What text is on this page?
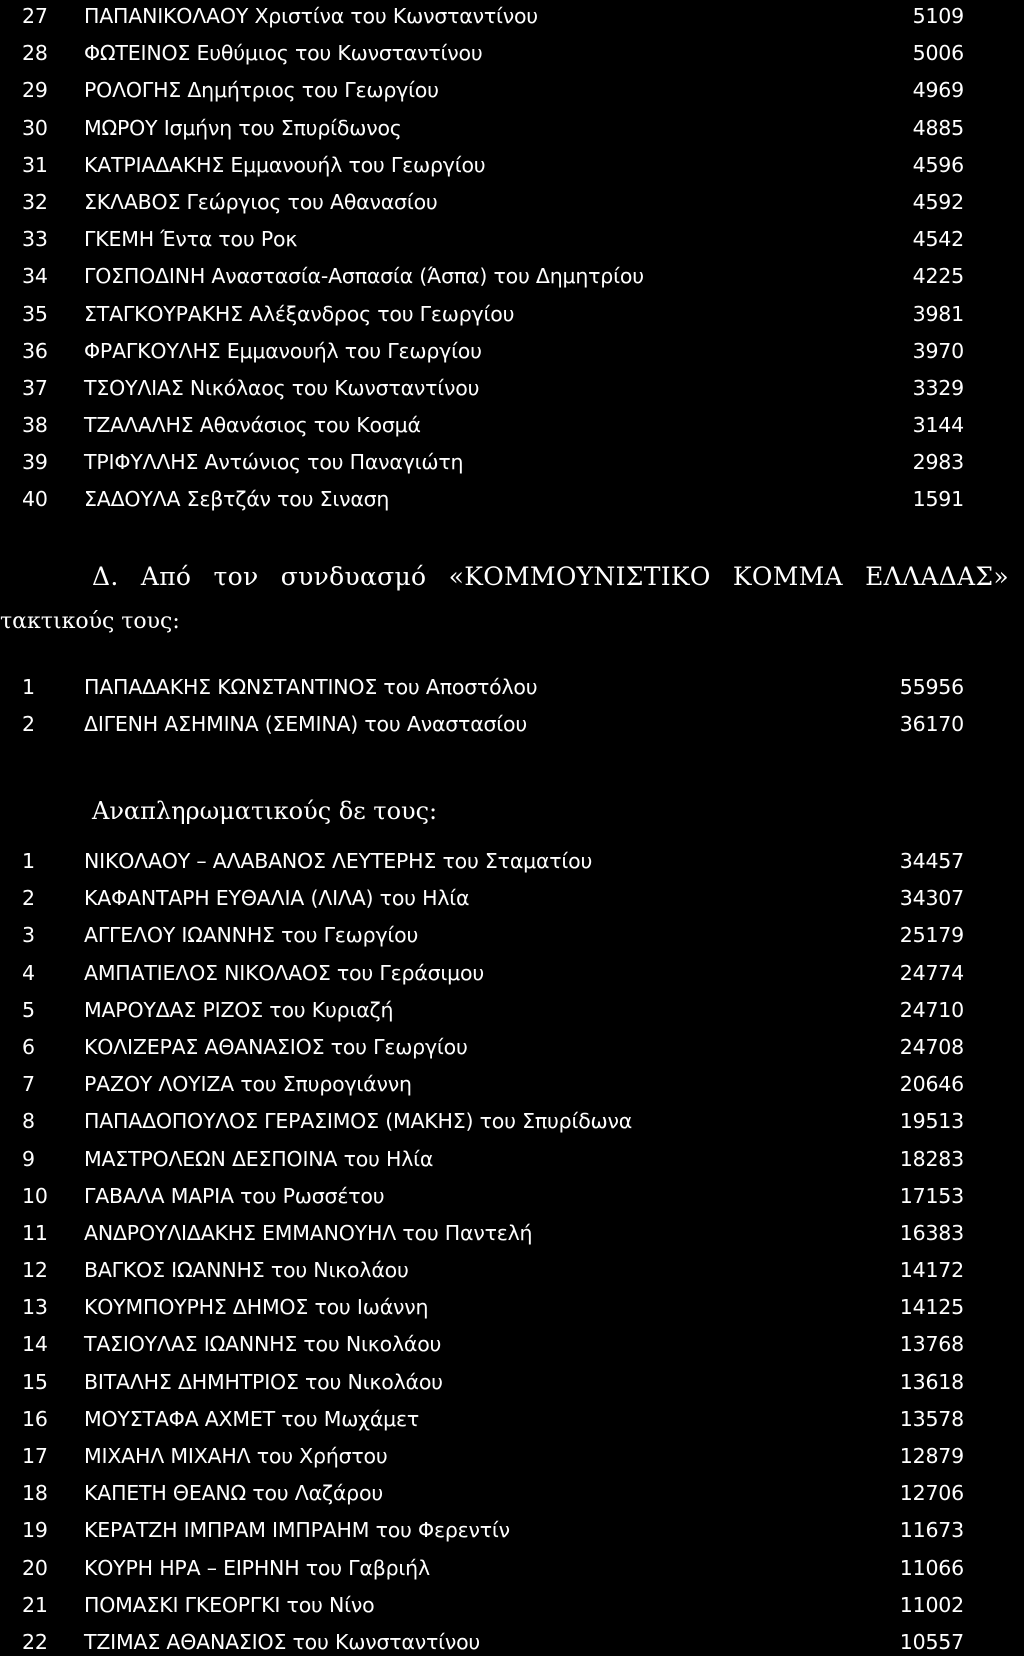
27 ΠΑΠΑΝΙΚΟΛΑΟΥ Χριστίνα του Κωνσταντίνου	5109
28 ΦΩΤΕΙΝΟΣ Ευθύμιος του Κωνσταντίνου	5006
29 ΡΟΛΟΓΗΣ Δημήτριος του Γεωργίου	4969
30 ΜΩΡΟΥ Ισμήνη του Σπυρίδωνος	4885
31 ΚΑΤΡΙΑΔΑΚΗΣ Εμμανουήλ του Γεωργίου	4596
32 ΣΚΛΑΒΟΣ Γεώργιος του Αθανασίου	4592
33 ΓΚΕΜΗ Έντα του Ροκ	4542
34 ΓΟΣΠΟΔΙΝΗ Αναστασία-Ασπασία (Άσπα) του Δημητρίου	4225
35 ΣΤΑΓΚΟΥΡΑΚΗΣ Αλέξανδρος του Γεωργίου	3981
36 ΦΡΑΓΚΟΥΛΗΣ Εμμανουήλ του Γεωργίου	3970
37 ΤΣΟΥΛΙΑΣ Νικόλαος του Κωνσταντίνου	3329
38 ΤΖΑΛΑΛΗΣ Αθανάσιος του Κοσμά	3144
39 ΤΡΙΦΥΛΛΗΣ Αντώνιος του Παναγιώτη	2983
40 ΣΑΔΟΥΛΑ Σεβτζάν του Σιναση	1591
Δ. Από τον συνδυασμό «ΚΟΜΜΟΥΝΙΣΤΙΚΟ ΚΟΜΜΑ ΕΛΛΑΔΑΣ»
τακτικούς τους:
1 ΠΑΠΑΔΑΚΗΣ ΚΩΝΣΤΑΝΤΙΝΟΣ του Αποστόλου	55956
2 ΔΙΓΕΝΗ ΑΣΗΜΙΝΑ (ΣΕΜΙΝΑ) του Αναστασίου	36170
Αναπληρωματικούς δε τους:
1 ΝΙΚΟΛΑΟΥ – ΑΛΑΒΑΝΟΣ ΛΕΥΤΕΡΗΣ του Σταματίου	34457
2 ΚΑΦΑΝΤΑΡΗ ΕΥΘΑΛΙΑ (ΛΙΛΑ) του Ηλία	34307
3 ΑΓΓΕΛΟΥ ΙΩΑΝΝΗΣ του Γεωργίου	25179
4 ΑΜΠΑΤΙΕΛΟΣ ΝΙΚΟΛΑΟΣ του Γεράσιμου	24774
5 ΜΑΡΟΥΔΑΣ ΡΙΖΟΣ του Κυριαζή	24710
6 ΚΟΛΙΖΕΡΑΣ ΑΘΑΝΑΣΙΟΣ του Γεωργίου	24708
7 ΡΑΖΟΥ ΛΟΥΙΖΑ του Σπυρογιάννη	20646
8 ΠΑΠΑΔΟΠΟΥΛΟΣ ΓΕΡΑΣΙΜΟΣ (ΜΑΚΗΣ) του Σπυρίδωνα	19513
9 ΜΑΣΤΡΟΛΕΩΝ ΔΕΣΠΟΙΝΑ του Ηλία	18283
10 ΓΑΒΑΛΑ ΜΑΡΙΑ του Ρωσσέτου	17153
11 ΑΝΔΡΟΥΛΙΔΑΚΗΣ ΕΜΜΑΝΟΥΗΛ του Παντελή	16383
12 ΒΑΓΚΟΣ ΙΩΑΝΝΗΣ του Νικολάου	14172
13 ΚΟΥΜΠΟΥΡΗΣ ΔΗΜΟΣ του Ιωάννη	14125
14 ΤΑΣΙΟΥΛΑΣ ΙΩΑΝΝΗΣ του Νικολάου	13768
15 ΒΙΤΑΛΗΣ ΔΗΜΗΤΡΙΟΣ του Νικολάου	13618
16 ΜΟΥΣΤΑΦΑ ΑΧΜΕΤ του Μωχάμετ	13578
17 ΜΙΧΑΗΛ ΜΙΧΑΗΛ του Χρήστου	12879
18 ΚΑΠΕΤΗ ΘΕΑΝΩ του Λαζάρου	12706
19 ΚΕΡΑΤΖΗ ΙΜΠΡΑΜ ΙΜΠΡΑΗΜ του Φερεντίν	11673
20 ΚΟΥΡΗ ΗΡΑ – ΕΙΡΗΝΗ του Γαβριήλ	11066
21 ΠΟΜΑΣΚΙ ΓΚΕΟΡΓΚΙ του Νίνο	11002
22 ΤΖΙΜΑΣ ΑΘΑΝΑΣΙΟΣ του Κωνσταντίνου	10557
